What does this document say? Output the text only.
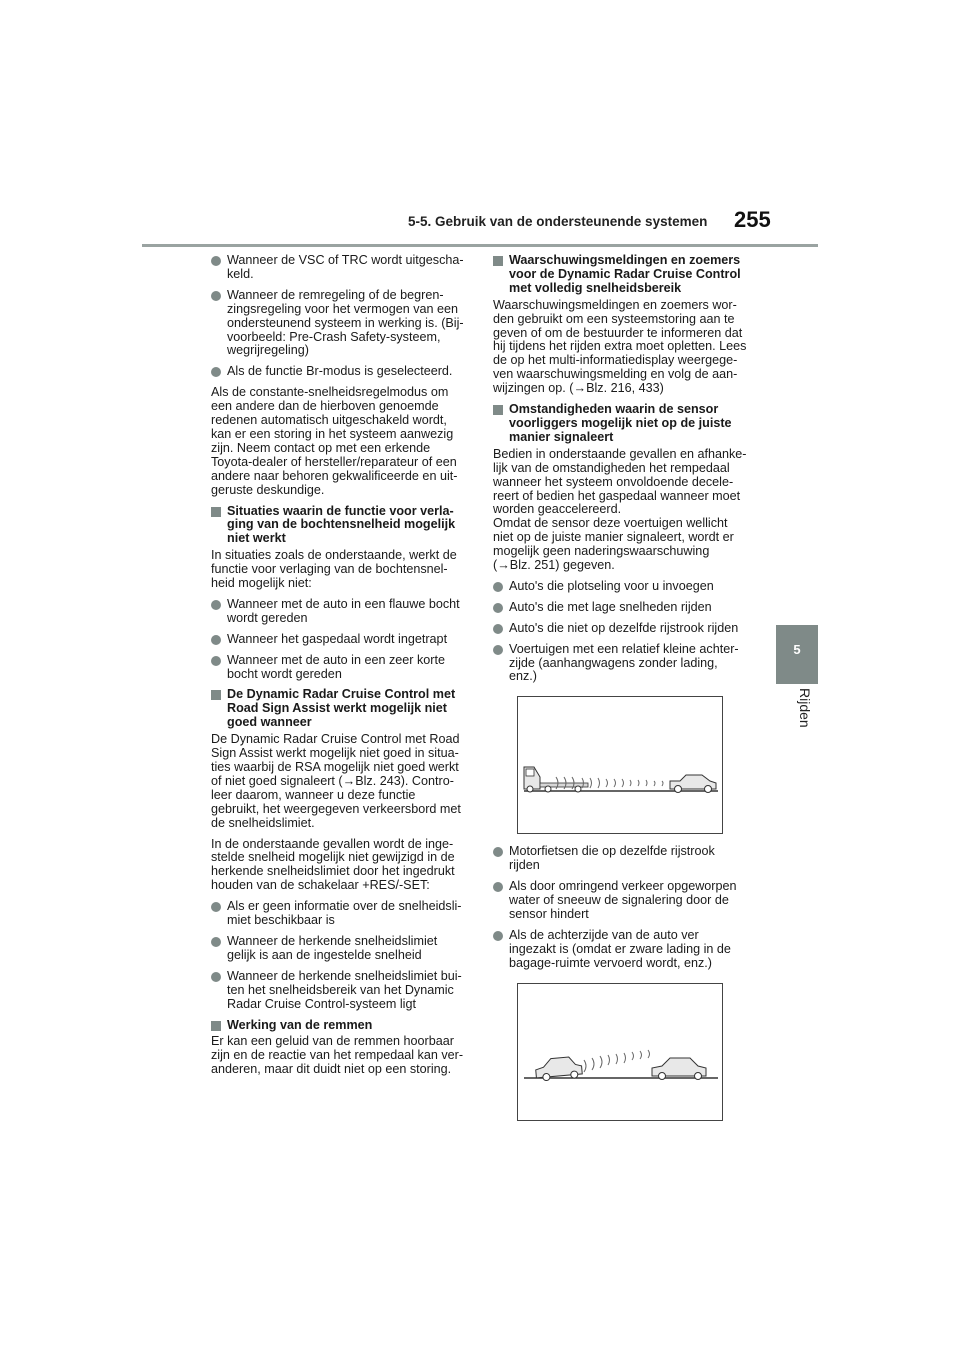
5-5. Gebruik van de ondersteunende systemen 255
5
Rijden
Wanneer de VSC of TRC wordt uitgescha-keld.
Wanneer de remregeling of de begren-zingsregeling voor het vermogen van een ondersteunend systeem in werking is. (Bij-voorbeeld: Pre-Crash Safety-systeem, wegrijregeling)
Als de functie Br-modus is geselecteerd.

Als de constante-snelheidsregelmodus om een andere dan de hierboven genoemde redenen automatisch uitgeschakeld wordt, kan er een storing in het systeem aanwezig zijn. Neem contact op met een erkende Toyota-dealer of hersteller/reparateur of een andere naar behoren gekwalificeerde en uit-geruste deskundige.

Situaties waarin de functie voor verla-ging van de bochtensnelheid mogelijk niet werkt

In situaties zoals de onderstaande, werkt de functie voor verlaging van de bochtensnel-heid mogelijk niet:

Wanneer met de auto in een flauwe bocht wordt gereden
Wanneer het gaspedaal wordt ingetrapt
Wanneer met de auto in een zeer korte bocht wordt gereden
De Dynamic Radar Cruise Control met Road Sign Assist werkt mogelijk niet goed wanneer

De Dynamic Radar Cruise Control met Road Sign Assist werkt mogelijk niet goed in situa-ties waarbij de RSA mogelijk niet goed werkt of niet goed signaleert (→Blz. 243). Contro-leer daarom, wanneer u deze functie gebruikt, het weergegeven verkeersbord met de snelheidslimiet.

In de onderstaande gevallen wordt de inge-stelde snelheid mogelijk niet gewijzigd in de herkende snelheidslimiet door het ingedrukt houden van de schakelaar +RES/-SET:

Als er geen informatie over de snelheidsli-miet beschikbaar is
Wanneer de herkende snelheidslimiet gelijk is aan de ingestelde snelheid
Wanneer de herkende snelheidslimiet bui-ten het snelheidsbereik van het Dynamic Radar Cruise Control-systeem ligt
Werking van de remmen

Er kan een geluid van de remmen hoorbaar zijn en de reactie van het rempedaal kan ver-anderen, maar dit duidt niet op een storing.

Waarschuwingsmeldingen en zoemers voor de Dynamic Radar Cruise Control met volledig snelheidsbereik

Waarschuwingsmeldingen en zoemers wor-den gebruikt om een systeemstoring aan te geven of om de bestuurder te informeren dat hij tijdens het rijden extra moet opletten. Lees de op het multi-informatiedisplay weergege-ven waarschuwingsmelding en volg de aan-wijzingen op. (→Blz. 216, 433)

Omstandigheden waarin de sensor voorliggers mogelijk niet op de juiste manier signaleert

Bedien in onderstaande gevallen en afhanke-lijk van de omstandigheden het rempedaal wanneer het systeem onvoldoende decele-reert of bedien het gaspedaal wanneer moet worden geaccelereerd.

Omdat de sensor deze voertuigen wellicht niet op de juiste manier signaleert, wordt er mogelijk geen naderingswaarschuwing (→Blz. 251) gegeven.

Auto's die plotseling voor u invoegen
Auto's die met lage snelheden rijden
Auto's die niet op dezelfde rijstrook rijden
Voertuigen met een relatief kleine achter-zijde (aanhangwagens zonder lading, enz.)
Motorfietsen die op dezelfde rijstrook rijden
Als door omringend verkeer opgeworpen water of sneeuw de signalering door de sensor hindert
Als de achterzijde van de auto ver ingezakt is (omdat er zware lading in de bagage-ruimte vervoerd wordt, enz.)
